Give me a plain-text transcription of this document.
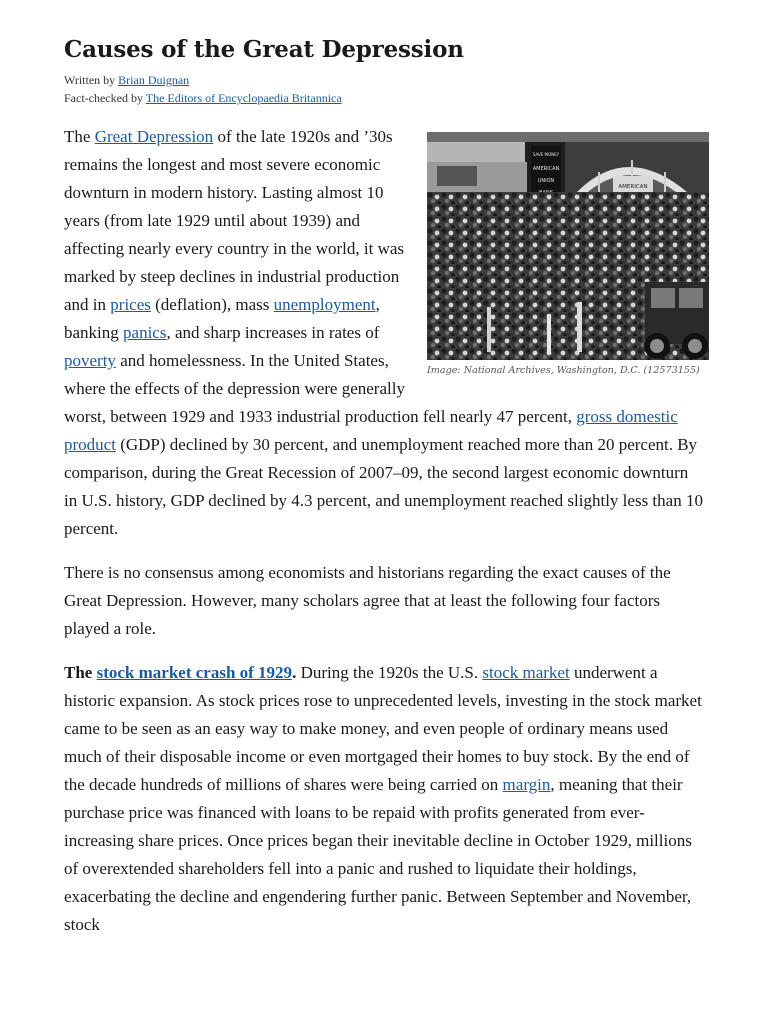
Causes of the Great Depression
Written by Brian Duignan
Fact-checked by The Editors of Encyclopaedia Britannica
AMERICAN
SAVE MONEY
AMERICAN
UNION
Image: National Archives, Washington, D.C. (12573155)

The Great Depression of the late 1920s and ’30s remains the longest and most severe economic downturn in modern history. Lasting almost 10 years (from late 1929 until about 1939) and affecting nearly every country in the world, it was marked by steep declines in industrial production and in prices (deflation), mass unemployment, banking panics, and sharp increases in rates of poverty and homelessness. In the United States, where the effects of the depression were generally worst, between 1929 and 1933 industrial production fell nearly 47 percent, gross domestic product (GDP) declined by 30 percent, and unemployment reached more than 20 percent. By comparison, during the Great Recession of 2007–09, the second largest economic downturn in U.S. history, GDP declined by 4.3 percent, and unemployment reached slightly less than 10 percent.

There is no consensus among economists and historians regarding the exact causes of the Great Depression. However, many scholars agree that at least the following four factors played a role.

The stock market crash of 1929. During the 1920s the U.S. stock market underwent a historic expansion. As stock prices rose to unprecedented levels, investing in the stock market came to be seen as an easy way to make money, and even people of ordinary means used much of their disposable income or even mortgaged their homes to buy stock. By the end of the decade hundreds of millions of shares were being carried on margin, meaning that their purchase price was financed with loans to be repaid with profits generated from ever-increasing share prices. Once prices began their inevitable decline in October 1929, millions of overextended shareholders fell into a panic and rushed to liquidate their holdings, exacerbating the decline and engendering further panic. Between September and November, stock
